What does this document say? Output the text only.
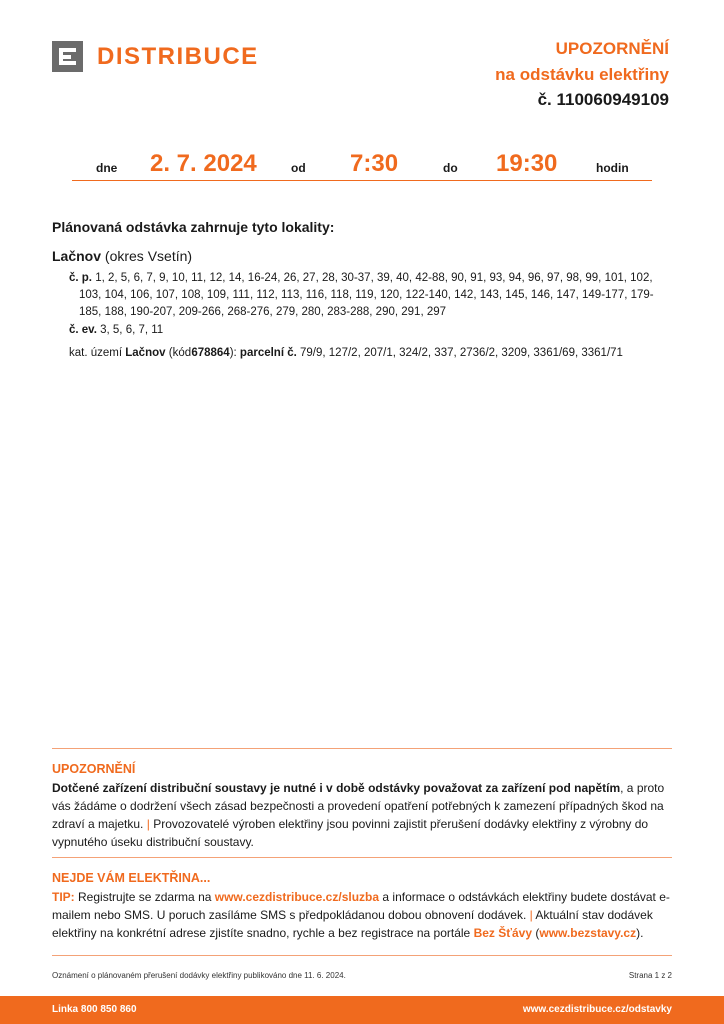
DISTRIBUCE	UPOZORNĚNÍ
na odstávku elektřiny
č. 110060949109
dne 2. 7. 2024	od 7:30	do 19:30	hodin
Plánovaná odstávka zahrnuje tyto lokality:
Lačnov (okres Vsetín)
č. p. 1, 2, 5, 6, 7, 9, 10, 11, 12, 14, 16-24, 26, 27, 28, 30-37, 39, 40, 42-88, 90, 91, 93, 94, 96, 97, 98, 99, 101, 102, 103, 104, 106, 107, 108, 109, 111, 112, 113, 116, 118, 119, 120, 122-140, 142, 143, 145, 146, 147, 149-177, 179-185, 188, 190-207, 209-266, 268-276, 279, 280, 283-288, 290, 291, 297
č. ev. 3, 5, 6, 7, 11
kat. území Lačnov (kód 678864): parcelní č. 79/9, 127/2, 207/1, 324/2, 337, 2736/2, 3209, 3361/69, 3361/71
UPOZORNĚNÍ
Dotčené zařízení distribuční soustavy je nutné i v době odstávky považovat za zařízení pod napětím, a proto vás žádáme o dodržení všech zásad bezpečnosti a provedení opatření potřebných k zamezení případných škod na zdraví a majetku. | Provozovatelé výroben elektřiny jsou povinni zajistit přerušení dodávky elektřiny z výrobny do vypnutého úseku distribuční soustavy.
NEJDE VÁM ELEKTŘINA...
TIP: Registrujte se zdarma na www.cezdistribuce.cz/sluzba a informace o odstávkách elektřiny budete dostávat e-mailem nebo SMS. U poruch zasíláme SMS s předpokládanou dobou obnovení dodávek. | Aktuální stav dodávek elektřiny na konkrétní adrese zjistíte snadno, rychle a bez registrace na portále Bez Šťávy (www.bezstavy.cz).
Oznámení o plánovaném přerušení dodávky elektřiny publikováno dne 11. 6. 2024.	Strana 1 z 2
Linka 800 850 860	www.cezdistribuce.cz/odstavky
